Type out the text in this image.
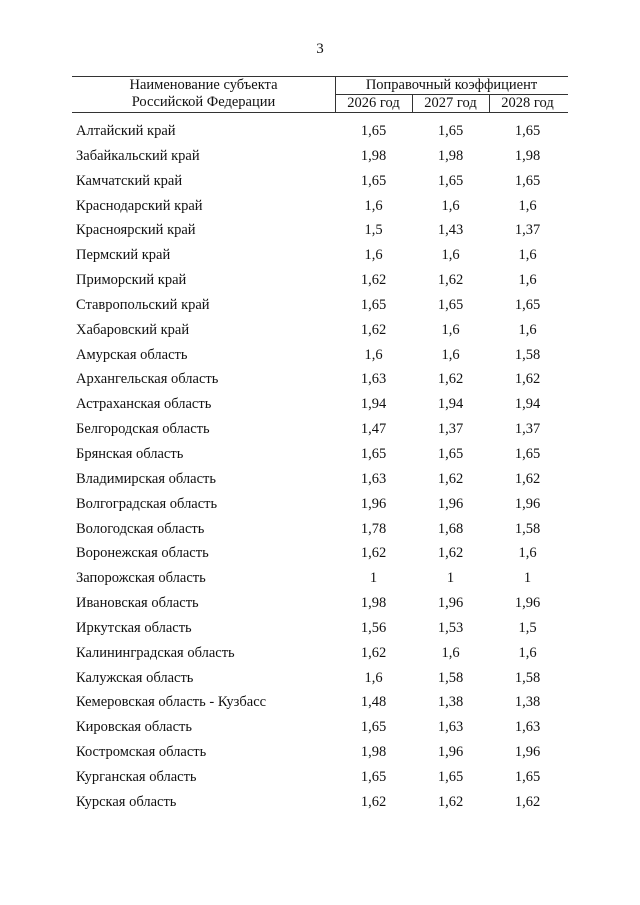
3
Наименование субъекта
Российской Федерации
Поправочный коэффициент
2026 год	2027 год	2028 год
Алтайский край	1,65	1,65	1,65
Забайкальский край	1,98	1,98	1,98
Камчатский край	1,65	1,65	1,65
Краснодарский край	1,6	1,6	1,6
Красноярский край	1,5	1,43	1,37
Пермский край	1,6	1,6	1,6
Приморский край	1,62	1,62	1,6
Ставропольский край	1,65	1,65	1,65
Хабаровский край	1,62	1,6	1,6
Амурская область	1,6	1,6	1,58
Архангельская область	1,63	1,62	1,62
Астраханская область	1,94	1,94	1,94
Белгородская область	1,47	1,37	1,37
Брянская область	1,65	1,65	1,65
Владимирская область	1,63	1,62	1,62
Волгоградская область	1,96	1,96	1,96
Вологодская область	1,78	1,68	1,58
Воронежская область	1,62	1,62	1,6
Запорожская область	1	1	1
Ивановская область	1,98	1,96	1,96
Иркутская область	1,56	1,53	1,5
Калининградская область	1,62	1,6	1,6
Калужская область	1,6	1,58	1,58
Кемеровская область - Кузбасс	1,48	1,38	1,38
Кировская область	1,65	1,63	1,63
Костромская область	1,98	1,96	1,96
Курганская область	1,65	1,65	1,65
Курская область	1,62	1,62	1,62
